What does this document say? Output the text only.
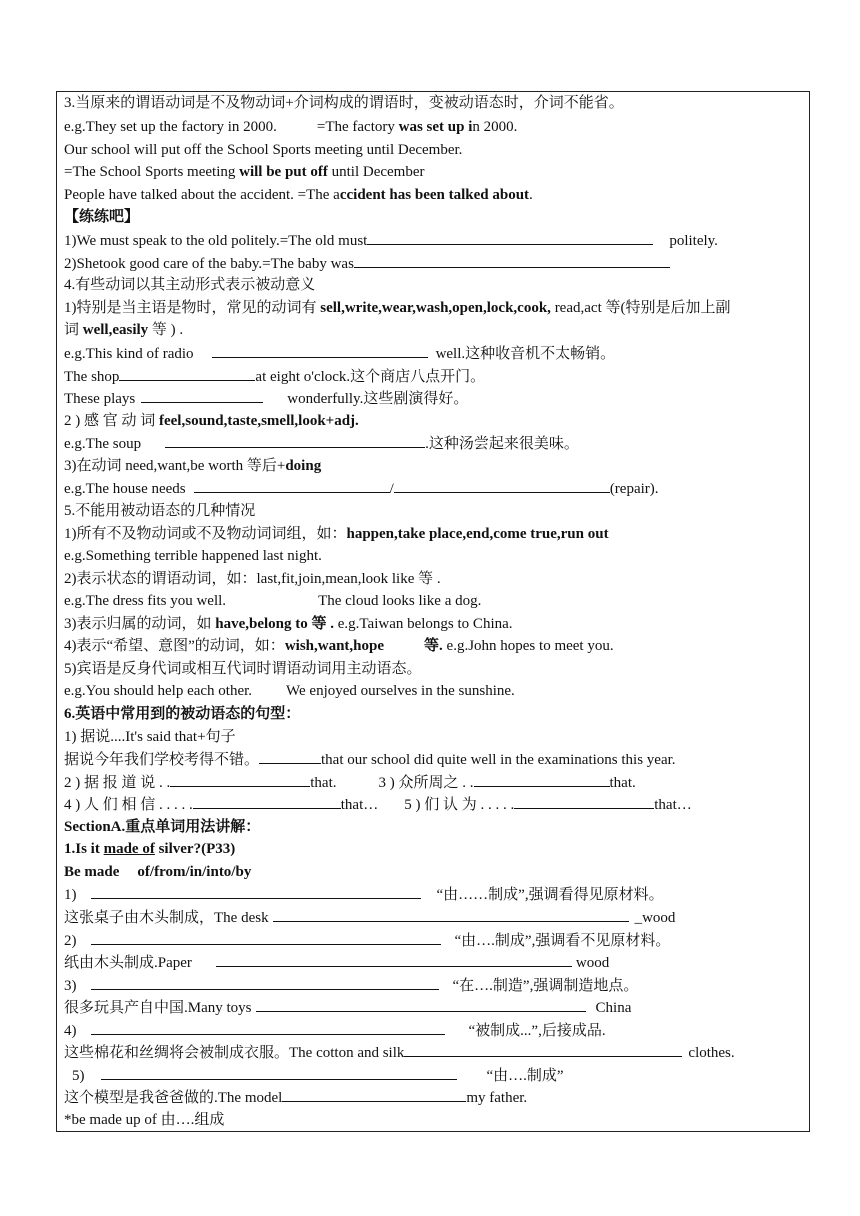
3.当原来的谓语动词是不及物动词+介词构成的谓语时，变被动语态时，介词不能省。
e.g.They set up the factory in 2000.	=The factory was set up in 2000.
Our school will put off the School Sports meeting until December.
=The School Sports meeting will be put off until December
People have talked about the accident. =The accident has been talked about.
【练练吧】
1)We must speak to the old politely.=The old must	politely.
2)Shetook good care of the baby.=The baby was
4.有些动词以其主动形式表示被动意义
1)特别是当主语是物时，常见的动词有 sell,write,wear,wash,open,lock,cook, read,act 等(特别是后加上副
词 well,easily 等 ) .
e.g.This kind of radio	well.这种收音机不太畅销。
The shop	at eight o'clock.这个商店八点开门。
These plays	wonderfully.这些剧演得好。
2 ) 感 官 动 词 feel,sound,taste,smell,look+adj.
e.g.The soup	.这种汤尝起来很美味。
3)在动词 need,want,be worth 等后+doing
e.g.The house needs	/	(repair).
5.不能用被动语态的几种情况
1)所有不及物动词或不及物动词词组，如：happen,take place,end,come true,run out
e.g.Something terrible happened last night.
2)表示状态的谓语动词，如：last,fit,join,mean,look like 等 .
e.g.The dress fits you well.	The cloud looks like a dog.
3)表示归属的动词，如 have,belong to 等 . e.g.Taiwan belongs to China.
4)表示“希望、意图”的动词，如：wish,want,hope	等. e.g.John hopes to meet you.
5)宾语是反身代词或相互代词时谓语动词用主动语态。
e.g.You should help each other. We enjoyed ourselves in the sunshine.
6.英语中常用到的被动语态的句型：
1) 据说....It's said that+句子
据说今年我们学校考得不错。	that our school did quite well in the examinations this year.
2 ) 据 报 道 说 . .	that.	3 ) 众所周之 . .	that.
4 ) 人 们 相 信 . . . . .	that… 5 ) 们 认 为 . . . . .	that…
SectionA.重点单词用法讲解：
1.Is it made of silver?(P33)
Be made of/from/in/into/by
1)	“由……制成”,强调看得见原材料。
这张桌子由木头制成，The desk	_wood
2)	“由….制成”,强调看不见原材料。
纸由木头制成.Paper	wood
3)	“在….制造”,强调制造地点。
很多玩具产自中国.Many toys	China
4)	“被制成...”,后接成品.
这些棉花和丝绸将会被制成衣服。The cotton and silk	clothes.
5)	“由….制成”
这个模型是我爸爸做的.The model	my father.
*be made up of 由….组成
